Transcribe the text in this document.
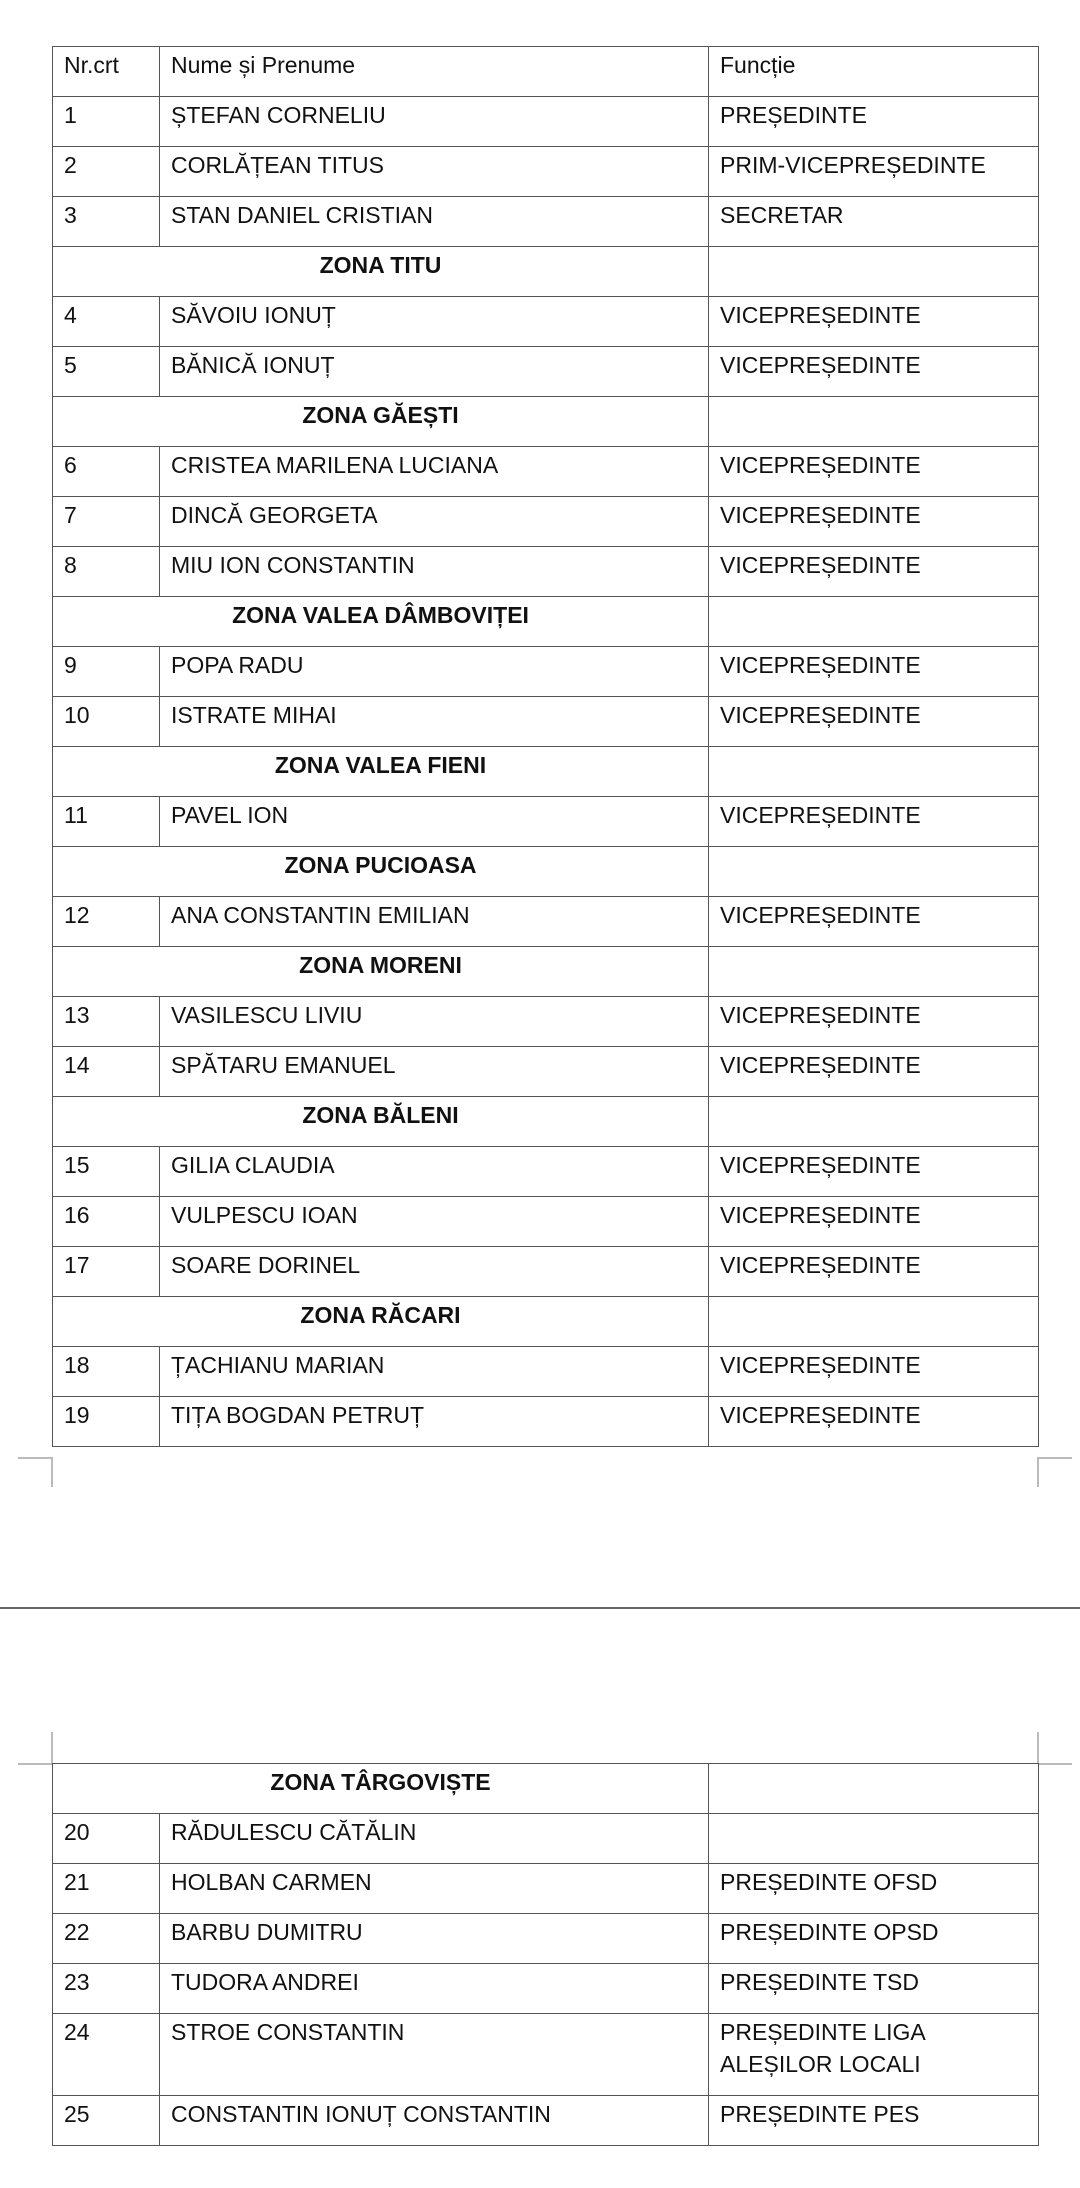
Nr.crt	Nume și Prenume	Funcție
1	ȘTEFAN CORNELIU	PREȘEDINTE
2	CORLĂȚEAN TITUS	PRIM-VICEPREȘEDINTE
3	STAN DANIEL CRISTIAN	SECRETAR
ZONA TITU		
4	SĂVOIU IONUȚ	VICEPREȘEDINTE
5	BĂNICĂ IONUȚ	VICEPREȘEDINTE
ZONA GĂEȘTI		
6	CRISTEA MARILENA LUCIANA	VICEPREȘEDINTE
7	DINCĂ GEORGETA	VICEPREȘEDINTE
8	MIU ION CONSTANTIN	VICEPREȘEDINTE
ZONA VALEA DÂMBOVIȚEI		
9	POPA RADU	VICEPREȘEDINTE
10	ISTRATE MIHAI	VICEPREȘEDINTE
ZONA VALEA FIENI		
11	PAVEL ION	VICEPREȘEDINTE
ZONA PUCIOASA		
12	ANA CONSTANTIN EMILIAN	VICEPREȘEDINTE
ZONA MORENI		
13	VASILESCU LIVIU	VICEPREȘEDINTE
14	SPĂTARU EMANUEL	VICEPREȘEDINTE
ZONA BĂLENI		
15	GILIA CLAUDIA	VICEPREȘEDINTE
16	VULPESCU IOAN	VICEPREȘEDINTE
17	SOARE DORINEL	VICEPREȘEDINTE
ZONA RĂCARI		
18	ȚACHIANU MARIAN	VICEPREȘEDINTE
19	TIȚA BOGDAN PETRUȚ	VICEPREȘEDINTE
ZONA TÂRGOVIȘTE		
20	RĂDULESCU CĂTĂLIN	
21	HOLBAN CARMEN	PREȘEDINTE OFSD
22	BARBU DUMITRU	PREȘEDINTE OPSD
23	TUDORA ANDREI	PREȘEDINTE TSD
24	STROE CONSTANTIN	PREȘEDINTE LIGA ALEȘILOR LOCALI
25	CONSTANTIN IONUȚ CONSTANTIN	PREȘEDINTE PES
